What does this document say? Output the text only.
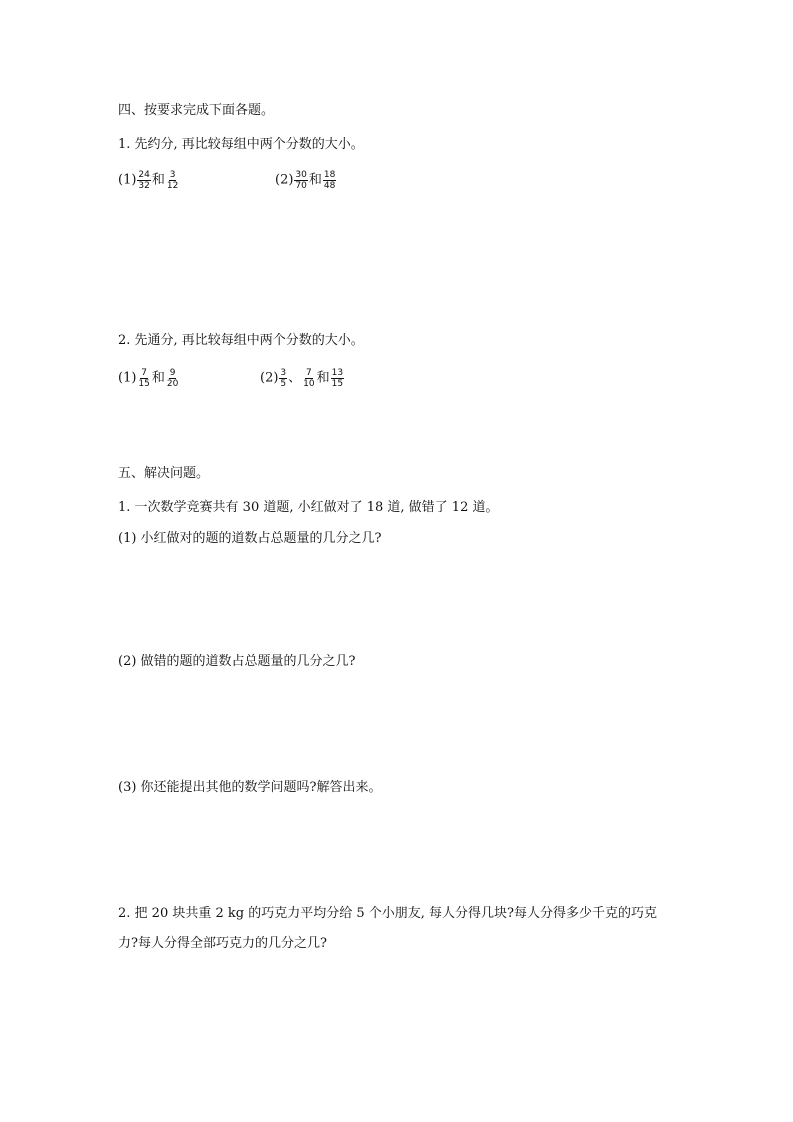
四、按要求完成下面各题。
1. 先约分, 再比较每组中两个分数的大小。
$(1) \frac{24}{32}$ 和 $\frac{3}{12}$	$(2) \frac{30}{70}$ 和 $\frac{18}{48}$
2. 先通分, 再比较每组中两个分数的大小。
$(1) \frac{7}{15}$ 和 $\frac{9}{20}$	$(2) \frac{3}{5}$ 、 $\frac{7}{10}$ 和 $\frac{13}{15}$
五、解决问题。
1. 一次数学竞赛共有 30 道题, 小红做对了 18 道, 做错了 12 道。
(1) 小红做对的题的道数占总题量的几分之几?
(2) 做错的题的道数占总题量的几分之几?
(3) 你还能提出其他的数学问题吗?解答出来。
2. 把 20 块共重 2 kg 的巧克力平均分给 5 个小朋友, 每人分得几块?每人分得多少千克的巧克
力?每人分得全部巧克力的几分之几?
